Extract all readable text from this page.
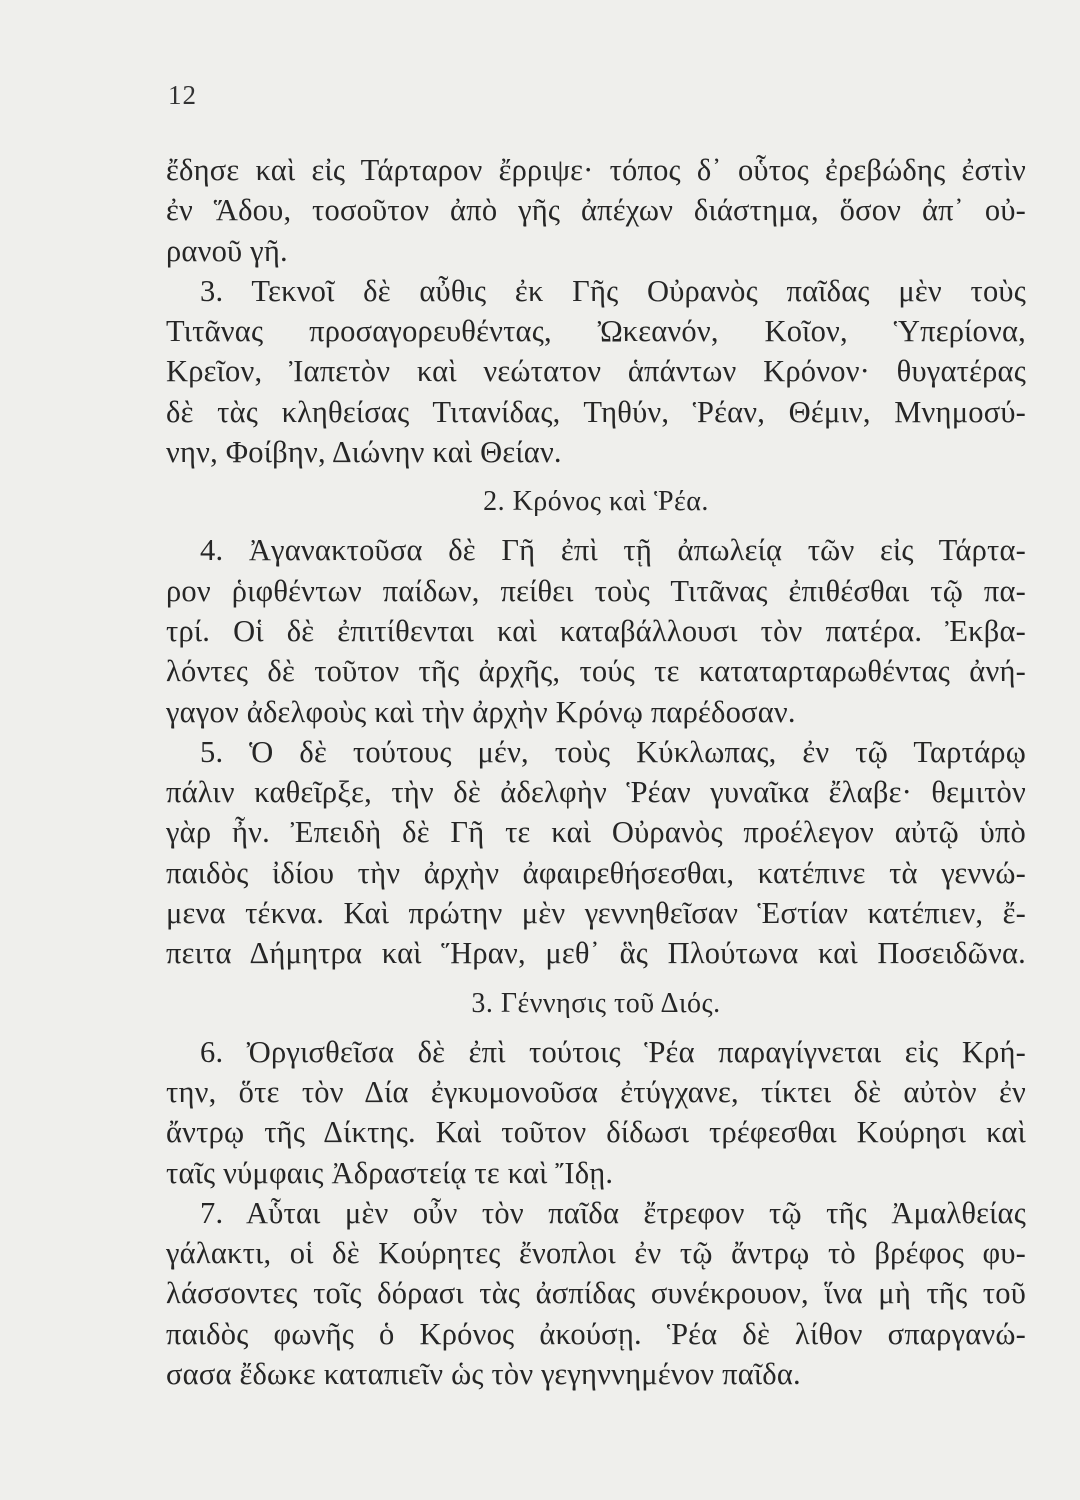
12
ἔδησε καὶ εἰς Τάρταρον ἔρριψε· τόπος δ᾽ οὗτος ἐρεβώδης ἐστὶν
ἐν Ἅδου, τοσοῦτον ἀπὸ γῆς ἀπέχων διάστημα, ὅσον ἀπ᾽ οὐ-
ρανοῦ γῆ.
3. Τεκνοῖ δὲ αὖθις ἐκ Γῆς Οὐρανὸς παῖδας μὲν τοὺς
Τιτᾶνας προσαγορευθέντας, Ὠκεανόν, Κοῖον, Ὑπερίονα,
Κρεῖον, Ἰαπετὸν καὶ νεώτατον ἁπάντων Κρόνον· θυγατέρας
δὲ τὰς κληθείσας Τιτανίδας, Τηθύν, Ῥέαν, Θέμιν, Μνημοσύ-
νην, Φοίβην, Διώνην καὶ Θείαν.
2. Κρόνος καὶ Ῥέα.
4. Ἀγανακτοῦσα δὲ Γῆ ἐπὶ τῇ ἀπωλείᾳ τῶν εἰς Τάρτα-
ρον ῥιφθέντων παίδων, πείθει τοὺς Τιτᾶνας ἐπιθέσθαι τῷ πα-
τρί. Οἱ δὲ ἐπιτίθενται καὶ καταβάλλουσι τὸν πατέρα. Ἐκβα-
λόντες δὲ τοῦτον τῆς ἀρχῆς, τούς τε καταταρταρωθέντας ἀνή-
γαγον ἀδελφοὺς καὶ τὴν ἀρχὴν Κρόνῳ παρέδοσαν.
5. Ὁ δὲ τούτους μέν, τοὺς Κύκλωπας, ἐν τῷ Ταρτάρῳ
πάλιν καθεῖρξε, τὴν δὲ ἀδελφὴν Ῥέαν γυναῖκα ἔλαβε· θεμιτὸν
γὰρ ἦν. Ἐπειδὴ δὲ Γῆ τε καὶ Οὐρανὸς προέλεγον αὐτῷ ὑπὸ
παιδὸς ἰδίου τὴν ἀρχὴν ἀφαιρεθήσεσθαι, κατέπινε τὰ γεννώ-
μενα τέκνα. Καὶ πρώτην μὲν γεννηθεῖσαν Ἑστίαν κατέπιεν, ἔ-
πειτα Δήμητρα καὶ Ἥραν, μεθ᾽ ἃς Πλούτωνα καὶ Ποσειδῶνα.
3. Γέννησις τοῦ Διός.
6. Ὀργισθεῖσα δὲ ἐπὶ τούτοις Ῥέα παραγίγνεται εἰς Κρή-
την, ὅτε τὸν Δία ἐγκυμονοῦσα ἐτύγχανε, τίκτει δὲ αὐτὸν ἐν
ἄντρῳ τῆς Δίκτης. Καὶ τοῦτον δίδωσι τρέφεσθαι Κούρησι καὶ
ταῖς νύμφαις Ἀδραστείᾳ τε καὶ Ἴδῃ.
7. Αὗται μὲν οὖν τὸν παῖδα ἔτρεφον τῷ τῆς Ἀμαλθείας
γάλακτι, οἱ δὲ Κούρητες ἔνοπλοι ἐν τῷ ἄντρῳ τὸ βρέφος φυ-
λάσσοντες τοῖς δόρασι τὰς ἀσπίδας συνέκρουον, ἵνα μὴ τῆς τοῦ
παιδὸς φωνῆς ὁ Κρόνος ἀκούσῃ. Ῥέα δὲ λίθον σπαργανώ-
σασα ἔδωκε καταπιεῖν ὡς τὸν γεγηννημένον παῖδα.
